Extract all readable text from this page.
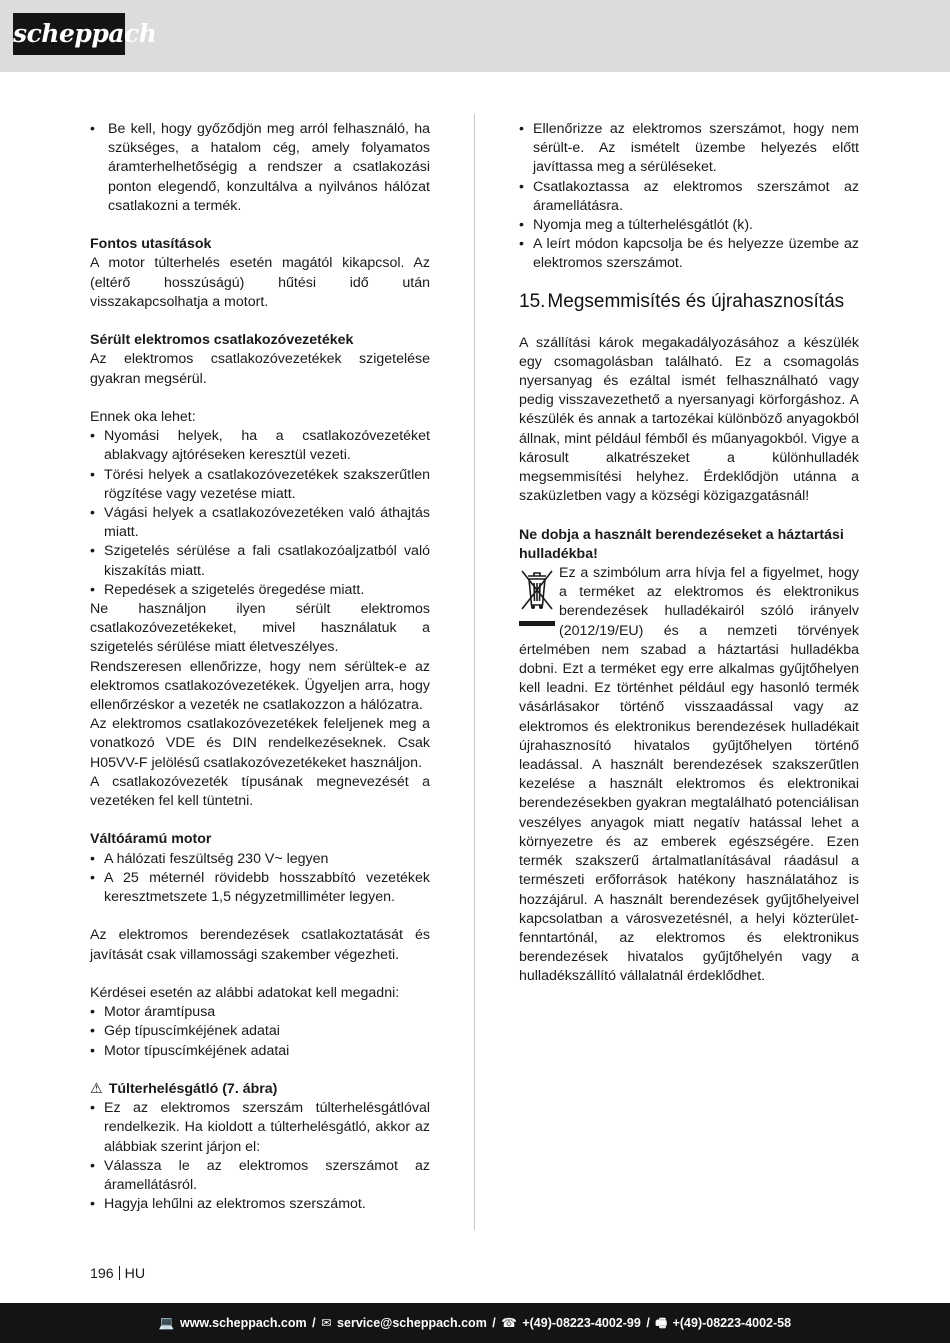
scheppach
• Be kell, hogy győződjön meg arról felhasználó, ha szükséges, a hatalom cég, amely folyamatos áramterhelhetőségig a rendszer a csatlakozási ponton elegendő, konzultálva a nyilvános hálózat csatlakozni a termék.
Fontos utasítások

A motor túlterhelés esetén magától kikapcsol. Az (eltérő hosszúságú) hűtési idő után visszakapcsolhatja a motort.

Sérült elektromos csatlakozóvezetékek

Az elektromos csatlakozóvezetékek szigetelése gyakran megsérül.

Ennek oka lehet:

• Nyomási helyek, ha a csatlakozóvezetéket ablakvagy ajtóréseken keresztül vezeti.
• Törési helyek a csatlakozóvezetékek szakszerűtlen rögzítése vagy vezetése miatt.
• Vágási helyek a csatlakozóvezetéken való áthajtás miatt.
• Szigetelés sérülése a fali csatlakozóaljzatból való kiszakítás miatt.
• Repedések a szigetelés öregedése miatt.

Ne használjon ilyen sérült elektromos csatlakozóvezetékeket, mivel használatuk a szigetelés sérülése miatt életveszélyes.

Rendszeresen ellenőrizze, hogy nem sérültek-e az elektromos csatlakozóvezetékek. Ügyeljen arra, hogy ellenőrzéskor a vezeték ne csatlakozzon a hálózatra.

Az elektromos csatlakozóvezetékek feleljenek meg a vonatkozó VDE és DIN rendelkezéseknek. Csak H05VV-F jelölésű csatlakozóvezetékeket használjon.

A csatlakozóvezeték típusának megnevezését a vezetéken fel kell tüntetni.

Váltóáramú motor
• A hálózati feszültség 230 V~ legyen
• A 25 méternél rövidebb hosszabbító vezetékek keresztmetszete 1,5 négyzetmilliméter legyen.

Az elektromos berendezések csatlakoztatását és javítását csak villamossági szakember végezheti.

Kérdései esetén az alábbi adatokat kell megadni:

• Motor áramtípusa
• Gép típuscímkéjének adatai
• Motor típuscímkéjének adatai
⚠ Túlterhelésgátló (7. ábra)
• Ez az elektromos szerszám túlterhelésgátlóval rendelkezik. Ha kioldott a túlterhelésgátló, akkor az alábbiak szerint járjon el:
• Válassza le az elektromos szerszámot az áramellátásról.
• Hagyja lehűlni az elektromos szerszámot.
• Ellenőrizze az elektromos szerszámot, hogy nem sérült-e. Az ismételt üzembe helyezés előtt javíttassa meg a sérüléseket.
• Csatlakoztassa az elektromos szerszámot az áramellátásra.
• Nyomja meg a túlterhelésgátlót (k).
• A leírt módon kapcsolja be és helyezze üzembe az elektromos szerszámot.
15. Megsemmisítés és újrahasznosítás

A szállítási károk megakadályozásához a készülék egy csomagolásban található. Ez a csomagolás nyersanyag és ezáltal ismét felhasználható vagy pedig visszavezethető a nyersanyagi körforgáshoz. A készülék és annak a tartozékai különböző anyagokból állnak, mint például fémből és műanyagokból. Vigye a károsult alkatrészeket a különhulladék megsemmisítési helyhez. Érdeklődjön utánna a szaküzletben vagy a községi közigazgatásnál!

Ne dobja a használt berendezéseket a háztartási hulladékba!

Ez a szimbólum arra hívja fel a figyelmet, hogy a terméket az elektromos és elektronikus berendezések hulladékairól szóló irányelv (2012/19/EU) és a nemzeti törvények értelmében nem szabad a háztartási hulladékba dobni. Ezt a terméket egy erre alkalmas gyűjtőhelyen kell leadni. Ez történhet például egy hasonló termék vásárlásakor történő visszaadással vagy az elektromos és elektronikus berendezések hulladékait újrahasznosító hivatalos gyűjtőhelyen történő leadással. A használt berendezések szakszerűtlen kezelése a használt elektromos és elektronikai berendezésekben gyakran megtalálható potenciálisan veszélyes anyagok miatt negatív hatással lehet a környezetre és az emberek egészségére. Ezen termék szakszerű ártalmatlanításával ráadásul a természeti erőforrások hatékony használatához is hozzájárul. A használt berendezések gyűjtőhelyeivel kapcsolatban a városvezetésnél, a helyi közterület-fenntartónál, az elektromos és elektronikus berendezések hivatalos gyűjtőhelyén vagy a hulladékszállító vállalatnál érdeklődhet.

196 HU
💻 www.scheppach.com / ✉ service@scheppach.com / ☎ +(49)-08223-4002-99 / 🖷 +(49)-08223-4002-58
